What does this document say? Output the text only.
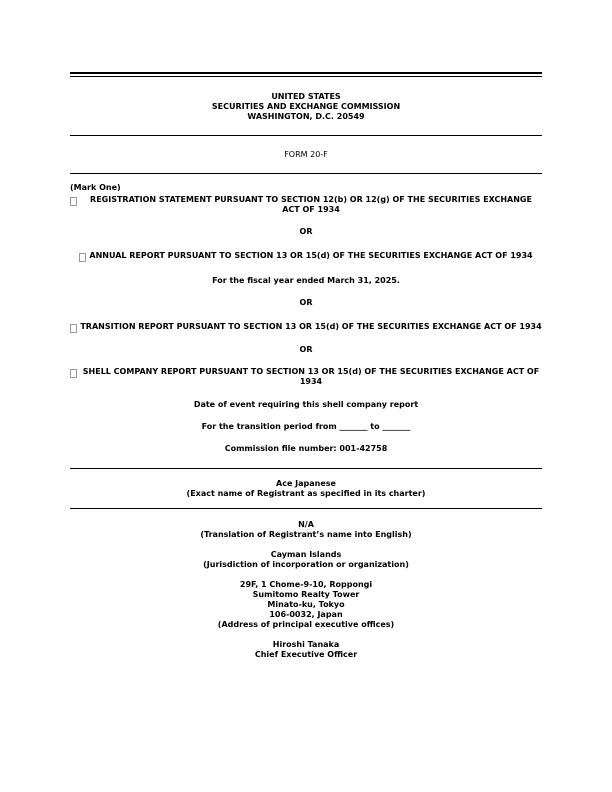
UNITED STATES
SECURITIES AND EXCHANGE COMMISSION
WASHINGTON, D.C. 20549
FORM 20-F
(Mark One)
REGISTRATION STATEMENT PURSUANT TO SECTION 12(b) OR 12(g) OF THE SECURITIES EXCHANGE ACT OF 1934
OR
ANNUAL REPORT PURSUANT TO SECTION 13 OR 15(d) OF THE SECURITIES EXCHANGE ACT OF 1934
For the fiscal year ended March 31, 2025.
OR
TRANSITION REPORT PURSUANT TO SECTION 13 OR 15(d) OF THE SECURITIES EXCHANGE ACT OF 1934
OR
SHELL COMPANY REPORT PURSUANT TO SECTION 13 OR 15(d) OF THE SECURITIES EXCHANGE ACT OF 1934
Date of event requiring this shell company report
For the transition period from _______ to _______
Commission file number: 001-42758
Ace Japanese
(Exact name of Registrant as specified in its charter)
N/A
(Translation of Registrant’s name into English)
Cayman Islands
(Jurisdiction of incorporation or organization)
29F, 1 Chome-9-10, Roppongi
Sumitomo Realty Tower
Minato-ku, Tokyo
106-0032, Japan
(Address of principal executive offices)
Hiroshi Tanaka
Chief Executive Officer
